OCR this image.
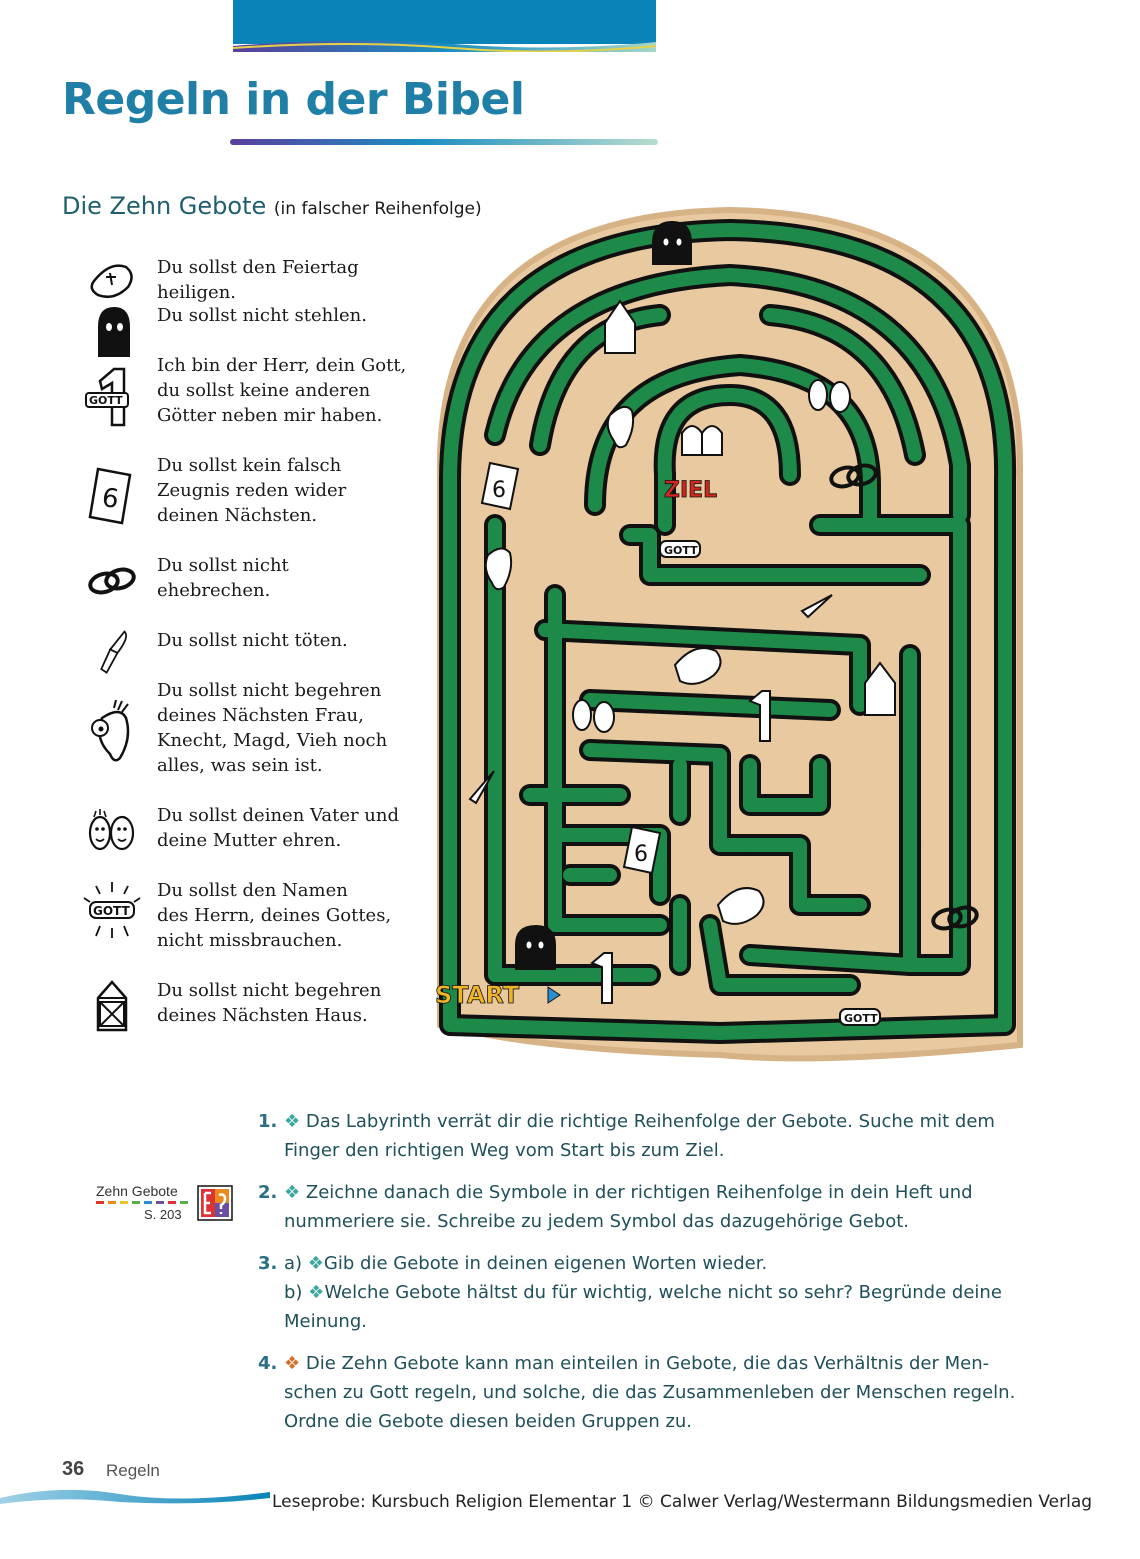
Regeln in der Bibel
Die Zehn Gebote (in falscher Reihenfolge)
Du sollst den Feiertag heiligen.
Du sollst nicht stehlen.
GOTT
Ich bin der Herr, dein Gott,
du sollst keine anderen
Götter neben mir haben.
6
Du sollst kein falsch
Zeugnis reden wider
deinen Nächsten.
Du sollst nicht
ehebrechen.
Du sollst nicht töten.
Du sollst nicht begehren
deines Nächsten Frau,
Knecht, Magd, Vieh noch
alles, was sein ist.
Du sollst deinen Vater und
deine Mutter ehren.
GOTT
Du sollst den Namen
des Herrn, deines Gottes,
nicht missbrauchen.
Du sollst nicht begehren
deines Nächsten Haus.
ZIEL
START
GOTT
GOTT
6
6
1. ❖ Das Labyrinth verrät dir die richtige Reihenfolge der Gebote. Suche mit dem
Finger den richtigen Weg vom Start bis zum Ziel.
2. ❖ Zeichne danach die Symbole in der richtigen Reihenfolge in dein Heft und
nummeriere sie. Schreibe zu jedem Symbol das dazugehörige Gebot.
3. a) ❖Gib die Gebote in deinen eigenen Worten wieder.
b) ❖Welche Gebote hältst du für wichtig, welche nicht so sehr? Begründe deine
Meinung.
4. ❖ Die Zehn Gebote kann man einteilen in Gebote, die das Verhältnis der Men-
schen zu Gott regeln, und solche, die das Zusammenleben der Menschen regeln.
Ordne die Gebote diesen beiden Gruppen zu.
Zehn Gebote
S. 203
36 Regeln
Leseprobe: Kursbuch Religion Elementar 1 © Calwer Verlag/Westermann Bildungsmedien Verlag
